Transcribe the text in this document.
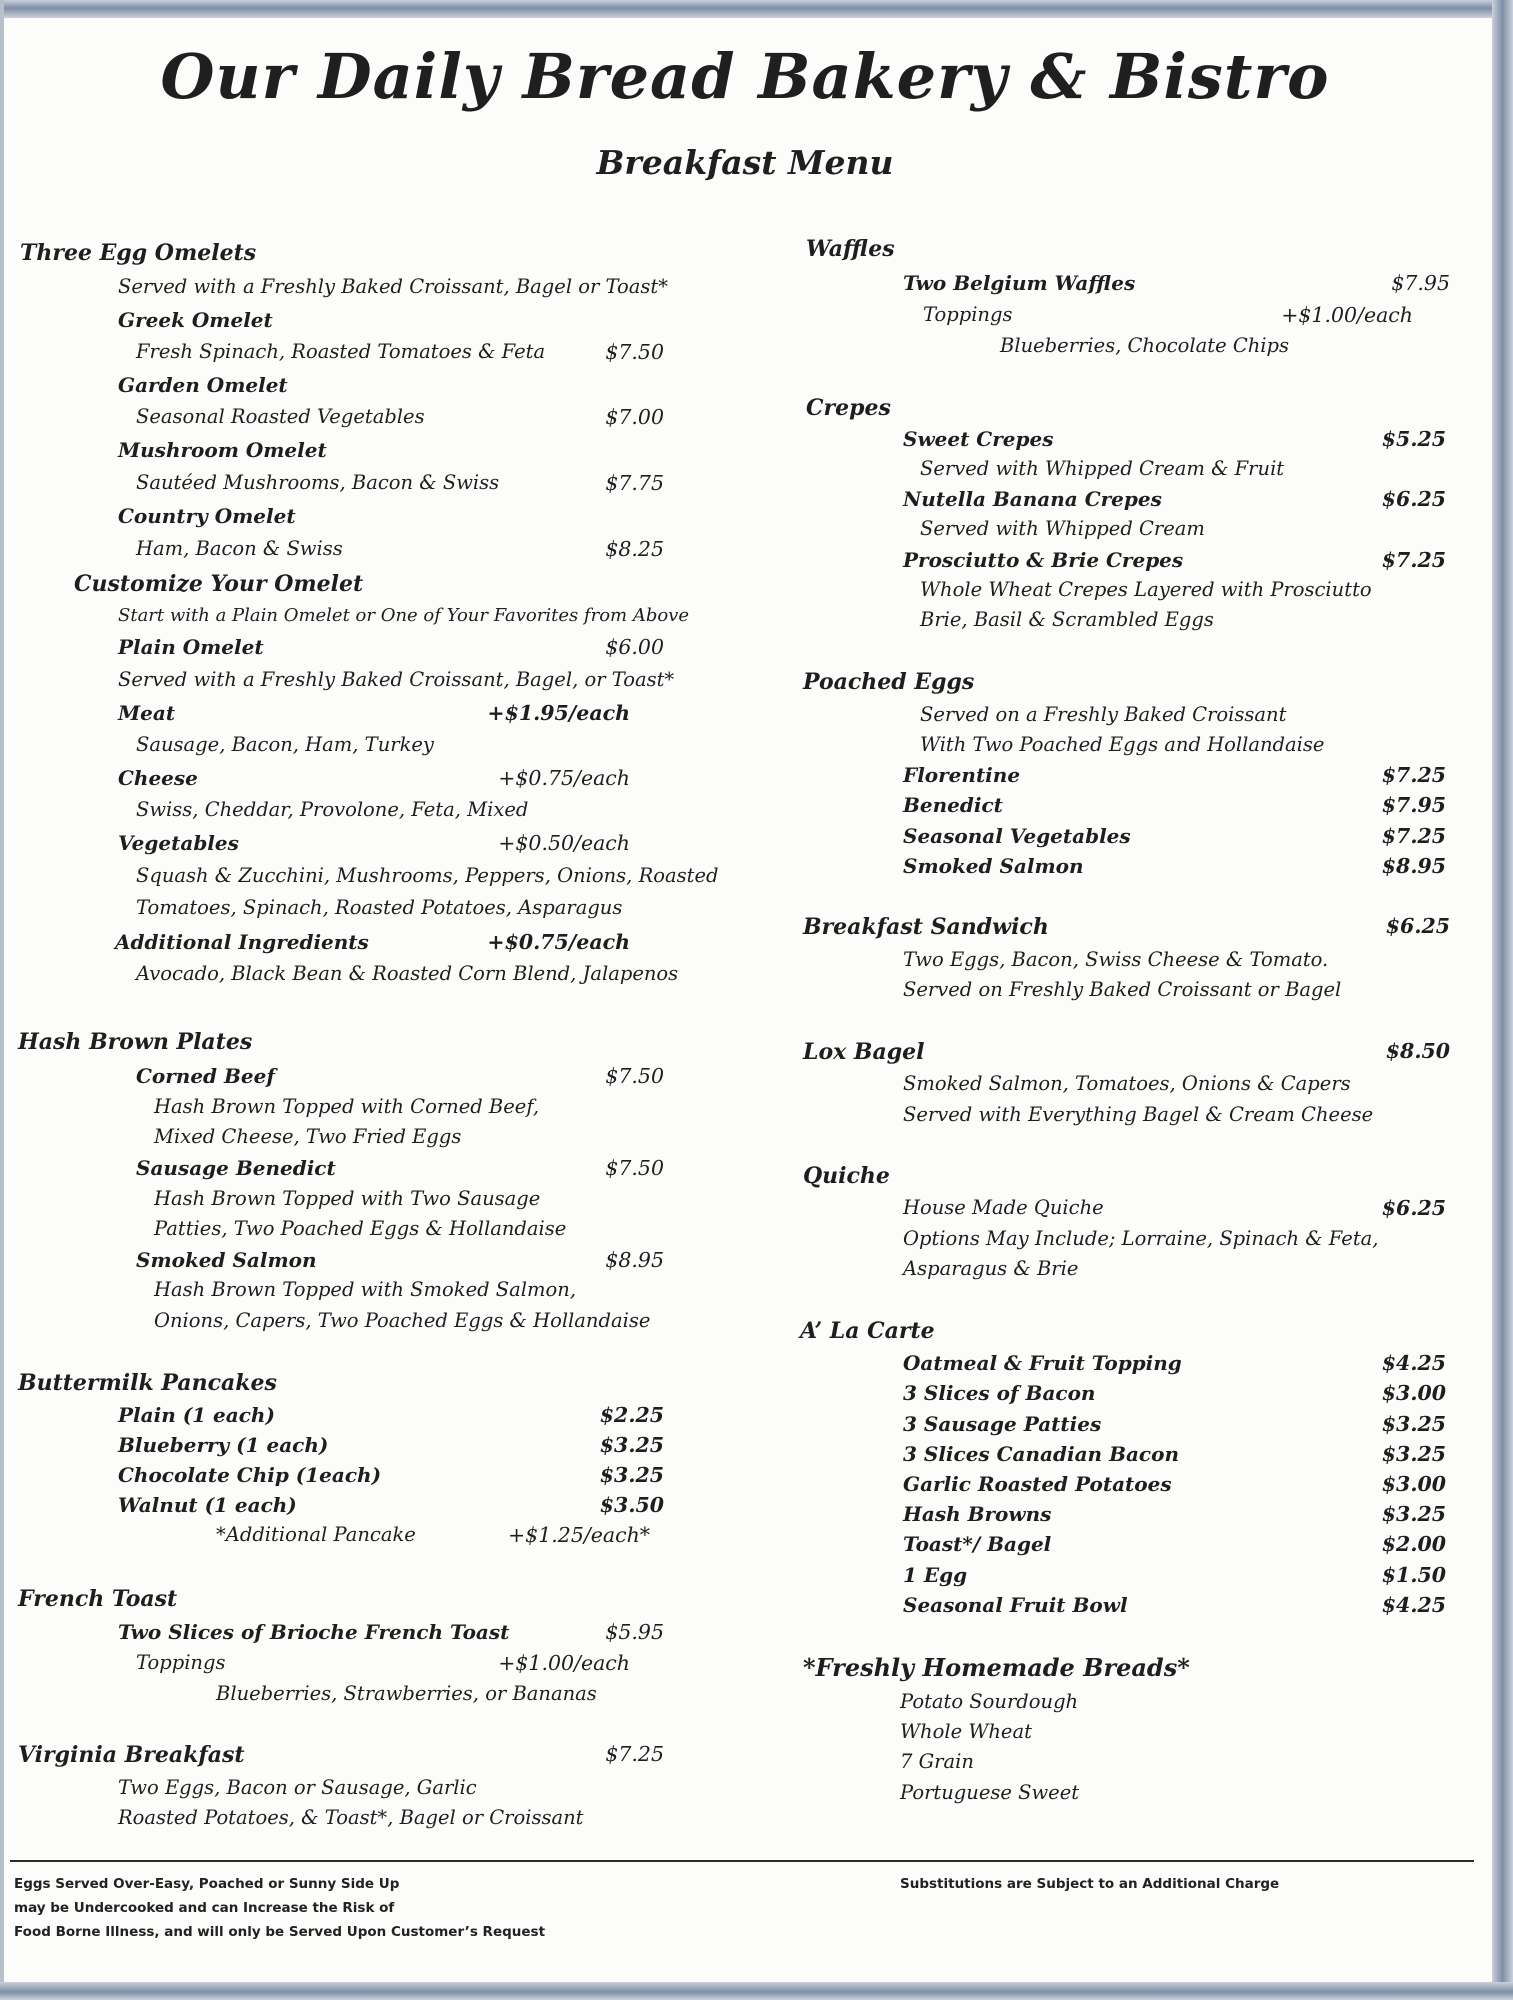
Our Daily Bread Bakery & Bistro
Breakfast Menu

Three Egg Omelets

Served with a Freshly Baked Croissant, Bagel or Toast*

Greek Omelet

Fresh Spinach, Roasted Tomatoes & Feta	$7.50

Garden Omelet

Seasonal Roasted Vegetables	$7.00

Mushroom Omelet

Sautéed Mushrooms, Bacon & Swiss	$7.75

Country Omelet

Ham, Bacon & Swiss	$8.25

Customize Your Omelet

Start with a Plain Omelet or One of Your Favorites from Above

Plain Omelet	$6.00

Served with a Freshly Baked Croissant, Bagel, or Toast*

Meat	+$1.95/each

Sausage, Bacon, Ham, Turkey

Cheese	+$0.75/each

Swiss, Cheddar, Provolone, Feta, Mixed

Vegetables	+$0.50/each

Squash & Zucchini, Mushrooms, Peppers, Onions, Roasted

Tomatoes, Spinach, Roasted Potatoes, Asparagus

Additional Ingredients	+$0.75/each

Avocado, Black Bean & Roasted Corn Blend, Jalapenos

Hash Brown Plates

Corned Beef	$7.50

Hash Brown Topped with Corned Beef,

Mixed Cheese, Two Fried Eggs

Sausage Benedict	$7.50

Hash Brown Topped with Two Sausage

Patties, Two Poached Eggs & Hollandaise

Smoked Salmon	$8.95

Hash Brown Topped with Smoked Salmon,

Onions, Capers, Two Poached Eggs & Hollandaise

Buttermilk Pancakes

Plain (1 each)	$2.25

Blueberry (1 each)	$3.25

Chocolate Chip (1each)	$3.25

Walnut (1 each)	$3.50

*Additional Pancake	+$1.25/each*

French Toast

Two Slices of Brioche French Toast	$5.95

Toppings	+$1.00/each

Blueberries, Strawberries, or Bananas

Virginia Breakfast	$7.25

Two Eggs, Bacon or Sausage, Garlic

Roasted Potatoes, & Toast*, Bagel or Croissant

Waffles

Two Belgium Waffles	$7.95

Toppings	+$1.00/each

Blueberries, Chocolate Chips

Crepes

Sweet Crepes	$5.25

Served with Whipped Cream & Fruit

Nutella Banana Crepes	$6.25

Served with Whipped Cream

Prosciutto & Brie Crepes	$7.25

Whole Wheat Crepes Layered with Prosciutto

Brie, Basil & Scrambled Eggs

Poached Eggs

Served on a Freshly Baked Croissant

With Two Poached Eggs and Hollandaise

Florentine	$7.25

Benedict	$7.95

Seasonal Vegetables	$7.25

Smoked Salmon	$8.95

Breakfast Sandwich	$6.25

Two Eggs, Bacon, Swiss Cheese & Tomato.

Served on Freshly Baked Croissant or Bagel

Lox Bagel	$8.50

Smoked Salmon, Tomatoes, Onions & Capers

Served with Everything Bagel & Cream Cheese

Quiche

House Made Quiche	$6.25

Options May Include; Lorraine, Spinach & Feta,

Asparagus & Brie

A’ La Carte

Oatmeal & Fruit Topping	$4.25

3 Slices of Bacon	$3.00

3 Sausage Patties	$3.25

3 Slices Canadian Bacon	$3.25

Garlic Roasted Potatoes	$3.00

Hash Browns	$3.25

Toast*/ Bagel	$2.00

1 Egg	$1.50

Seasonal Fruit Bowl	$4.25

*Freshly Homemade Breads*

Potato Sourdough

Whole Wheat

7 Grain

Portuguese Sweet

Eggs Served Over-Easy, Poached or Sunny Side Up
may be Undercooked and can Increase the Risk of
Food Borne Illness, and will only be Served Upon Customer’s Request
Substitutions are Subject to an Additional Charge
